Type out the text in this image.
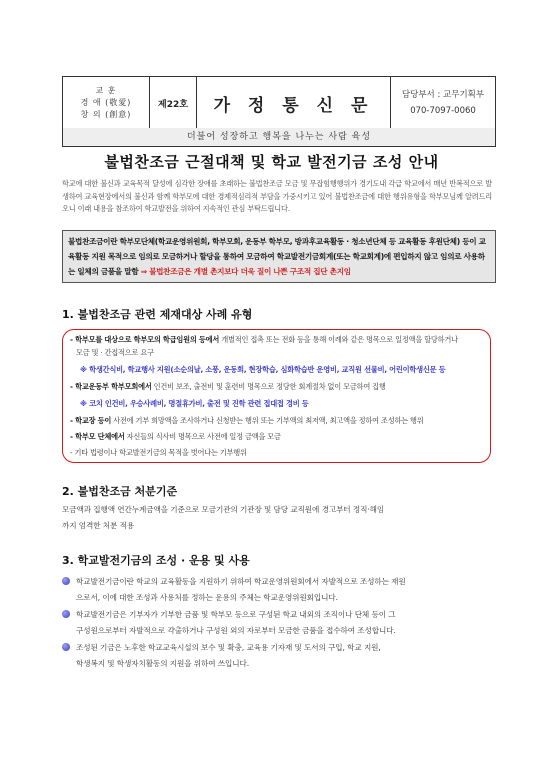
교 훈
경 애 (敬愛)
창 의 (創意)
제22호	가 정 통 신 문
담당부서 : 교무기획부
070-7097-0060
더불어 성장하고 행복을 나누는 사람 육성
불법찬조금 근절대책 및 학교 발전기금 조성 안내
학교에 대한 불신과 교육목적 달성에 심각한 장애를 초래하는 불법찬조금 모금 및 무잡힘행행위가 경기도내 각급 학교에서 매년 반복적으로 발생하여 교육현장에서의 불신과 함께 학부모에 대한 경제적심리적 부담을 가중시키고 있어 불법찬조금에 대한 행위유형을 학부모님께 알려드리오니 이래 내용을 참조하여 학교발전을 위하여 지속적인 관심 부탁드립니다.
불법찬조금이란 학부모단체(학교운영위원회, 학부모회, 운동부 학부모, 방과후교육활동 · 청소년단체 등 교육활동 후원단체) 등이 교육활동 지원 목적으로 임의로 모금하거나 할당을 통하여 모금하여 학교발전기금회계(또는 학교회계)에 편입하지 않고 임의로 사용하는 일체의 금품을 말함 ⇒ 불법찬조금은 개별 촌지보다 더욱 질이 나쁜 구조적 집단 촌지임
1. 불법찬조금 관련 제재대상 사례 유형
- 학부모를 대상으로 학부모의 학급임원의 등에서 개별적인 접촉 또는 전화 등을 통해 이례와 같은 명목으로 일정액을 할당하거나
모금 및 · 간접적으로 요구
※ 학생간식비, 학교행사 지원(소순의날, 소풍, 운동회, 현장학습, 심화학습반 운영비, 교직원 선물비, 어린이학생신문 등
- 학교운동부 학부모회에서 인건비 보조, 출전비 및 훈련비 명목으로 정당한 회계절차 없이 모금하여 집행
※ 코치 인건비, 우승사례비, 명절휴가비, 출전 및 진학 관련 접대접 경비 등
- 학교장 등이 사전에 기부 희망액을 조사하거나 신청받는 행위 또는 기부액의 최저액, 최고액을 정하여 조성하는 행위
- 학부모 단체에서 자신들의 식사비 명목으로 사전에 일정 금액을 모금
- 기타 법령이나 학교발전기금의 목적을 벗어나는 기부행위
2. 불법찬조금 처분기준
모금액과 집행액 연간누계금액을 기준으로 모금기관의 기관장 및 담당 교직원에 경고부터 정직·해임
까지 엄격한 처분 적용
3. 학교발전기금의 조성 · 운용 및 사용
학교발전기금이란 학교의 교육활동을 지원하기 위하여 학교운영위원회에서 자발적으로 조성하는 재원
으로서, 이에 대한 조성과 사용처를 정하는 운용의 주체는 학교운영위원회입니다.
학교발전기금은 기부자가 기부한 금품 및 학부모 등으로 구성된 학교 내외의 조직이나 단체 등이 그
구성원으로부터 자발적으로 갹출하거나 구성원 외의 자로부터 모금한 금품을 접수하여 조성합니다.
조성된 기금은 노후한 학교교육시설의 보수 및 확충, 교육용 기자재 및 도서의 구입, 학교 지원,
학생복지 및 학생자치활동의 지원을 위하여 쓰입니다.
